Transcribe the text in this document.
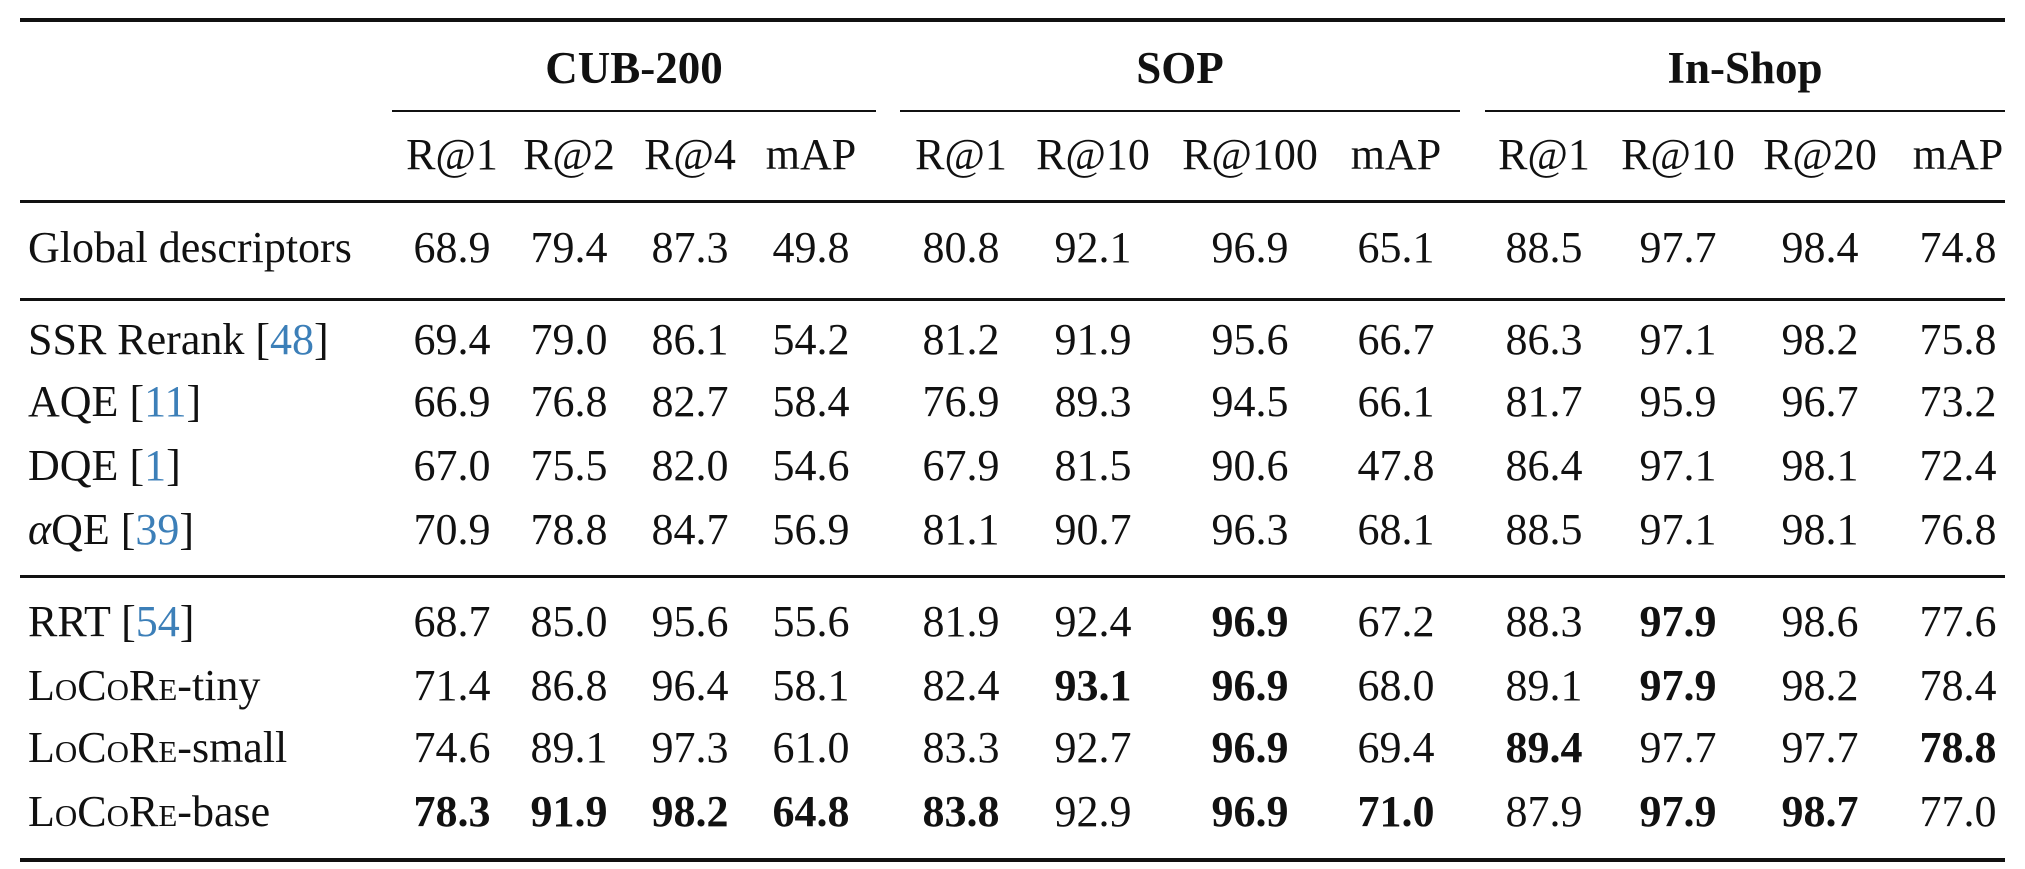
CUB-200	SOP	In-Shop
R@1 R@2 R@4 mAP	R@1 R@10 R@100 mAP	R@1 R@10 R@20 mAP
Global descriptors	68.9 79.4	87.3	49.8	80.8	92.1	96.9	65.1	88.5	97.7	98.4	74.8
SSR Rerank [48]	69.4 79.0	86.1	54.2	81.2	91.9	95.6	66.7	86.3	97.1	98.2	75.8
AQE [11]	66.9 76.8	82.7	58.4	76.9	89.3	94.5	66.1	81.7	95.9	96.7	73.2
DQE [1]	67.0 75.5	82.0	54.6	67.9	81.5	90.6	47.8	86.4	97.1	98.1	72.4
αQE [39]	70.9 78.8	84.7	56.9	81.1	90.7	96.3	68.1	88.5	97.1	98.1	76.8
RRT [54]	68.7 85.0	95.6	55.6	81.9	92.4	96.9	67.2	88.3	97.9	98.6	77.6
LoCoRe-tiny	71.4 86.8	96.4	58.1	82.4	93.1	96.9	68.0	89.1	97.9	98.2	78.4
LoCoRe-small	74.6 89.1	97.3	61.0	83.3	92.7	96.9	69.4	89.4	97.7	97.7	78.8
LoCoRe-base	78.3 91.9	98.2	64.8	83.8	92.9	96.9	71.0	87.9	97.9	98.7	77.0
